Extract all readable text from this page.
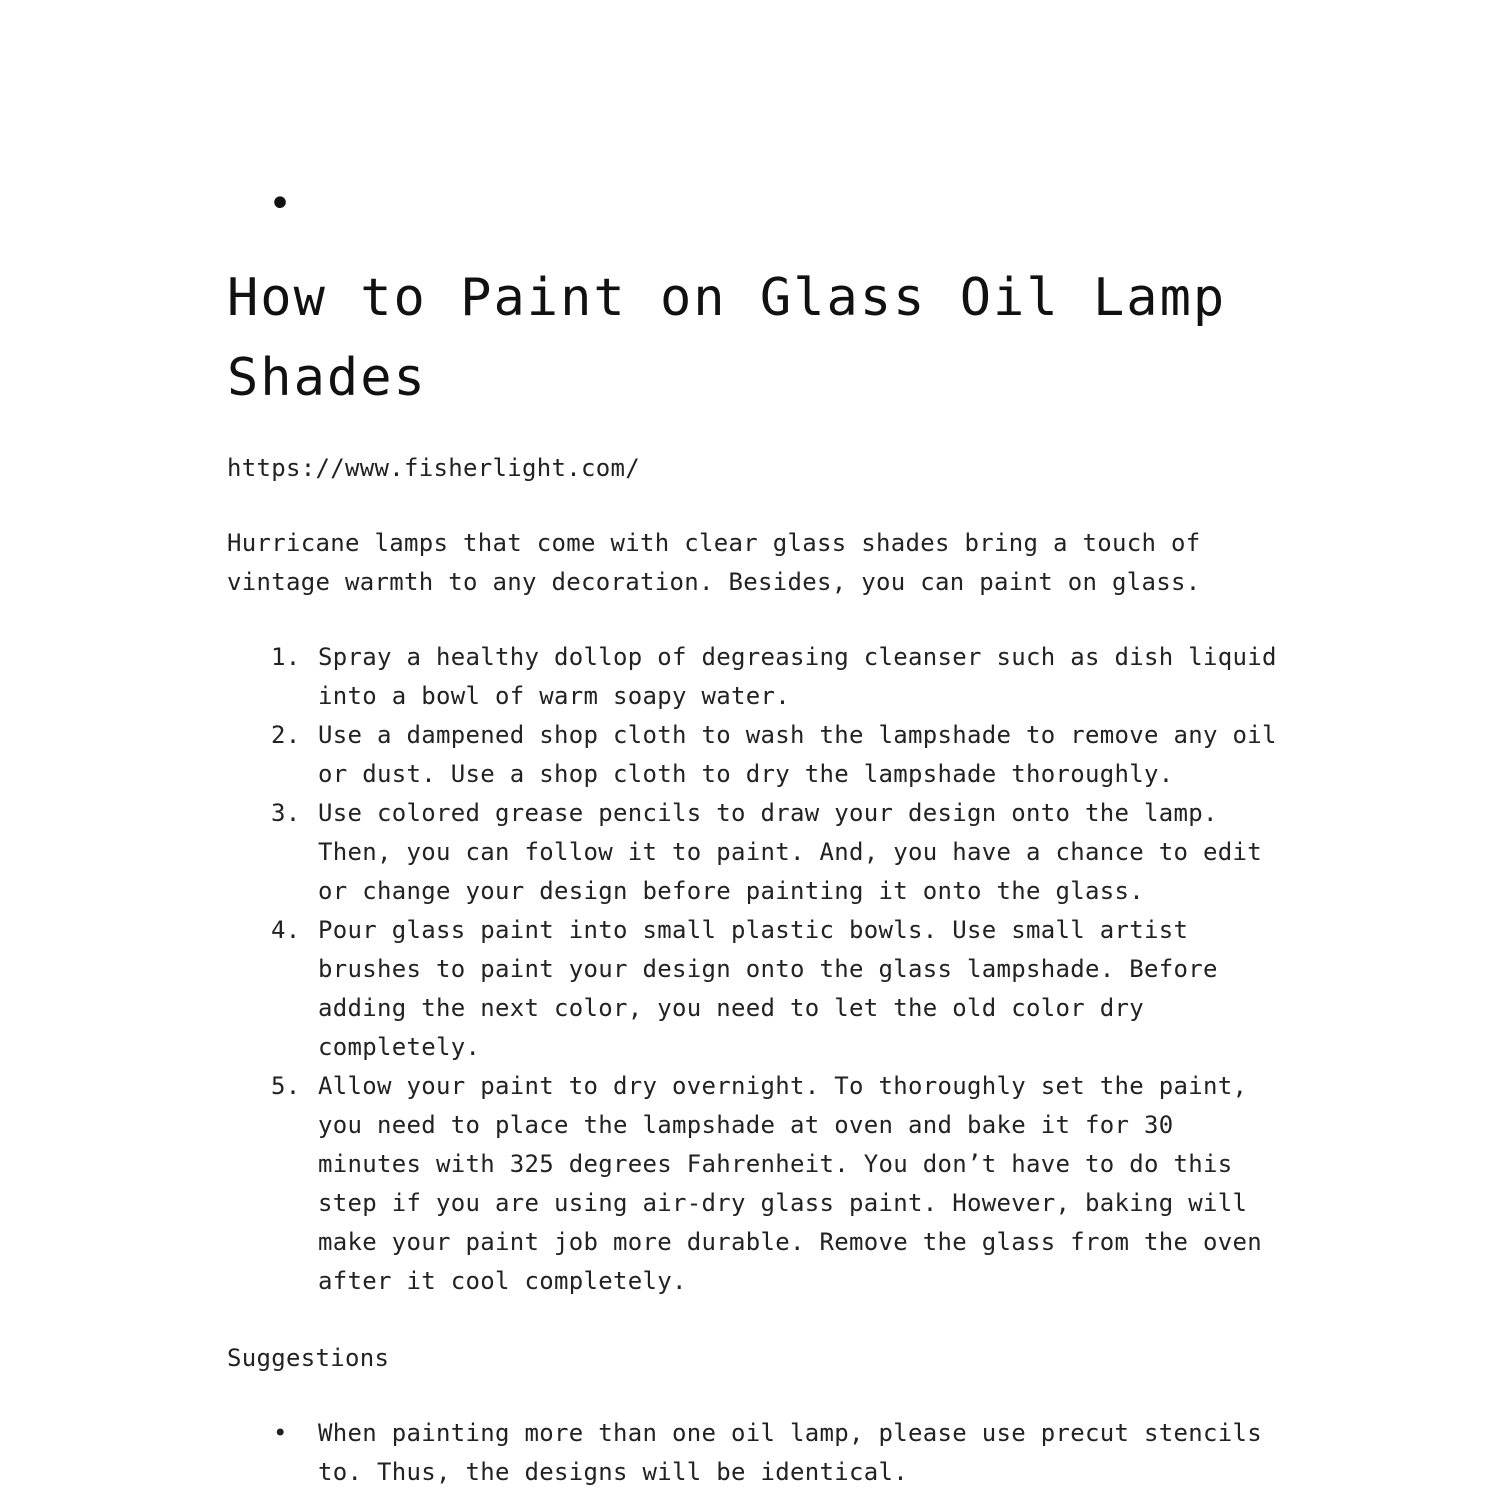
•
How to Paint on Glass Oil Lamp Shades

https://www.fisherlight.com/

Hurricane lamps that come with clear glass shades bring a touch of vintage warmth to any decoration. Besides, you can paint on glass.

1. Spray a healthy dollop of degreasing cleanser such as dish liquid into a bowl of warm soapy water.
2. Use a dampened shop cloth to wash the lampshade to remove any oil or dust. Use a shop cloth to dry the lampshade thoroughly.
3. Use colored grease pencils to draw your design onto the lamp. Then, you can follow it to paint. And, you have a chance to edit or change your design before painting it onto the glass.
4. Pour glass paint into small plastic bowls. Use small artist brushes to paint your design onto the glass lampshade. Before adding the next color, you need to let the old color dry completely.
5. Allow your paint to dry overnight. To thoroughly set the paint, you need to place the lampshade at oven and bake it for 30 minutes with 325 degrees Fahrenheit. You don’t have to do this step if you are using air-dry glass paint. However, baking will make your paint job more durable. Remove the glass from the oven after it cool completely.

Suggestions

• When painting more than one oil lamp, please use precut stencils to. Thus, the designs will be identical.
